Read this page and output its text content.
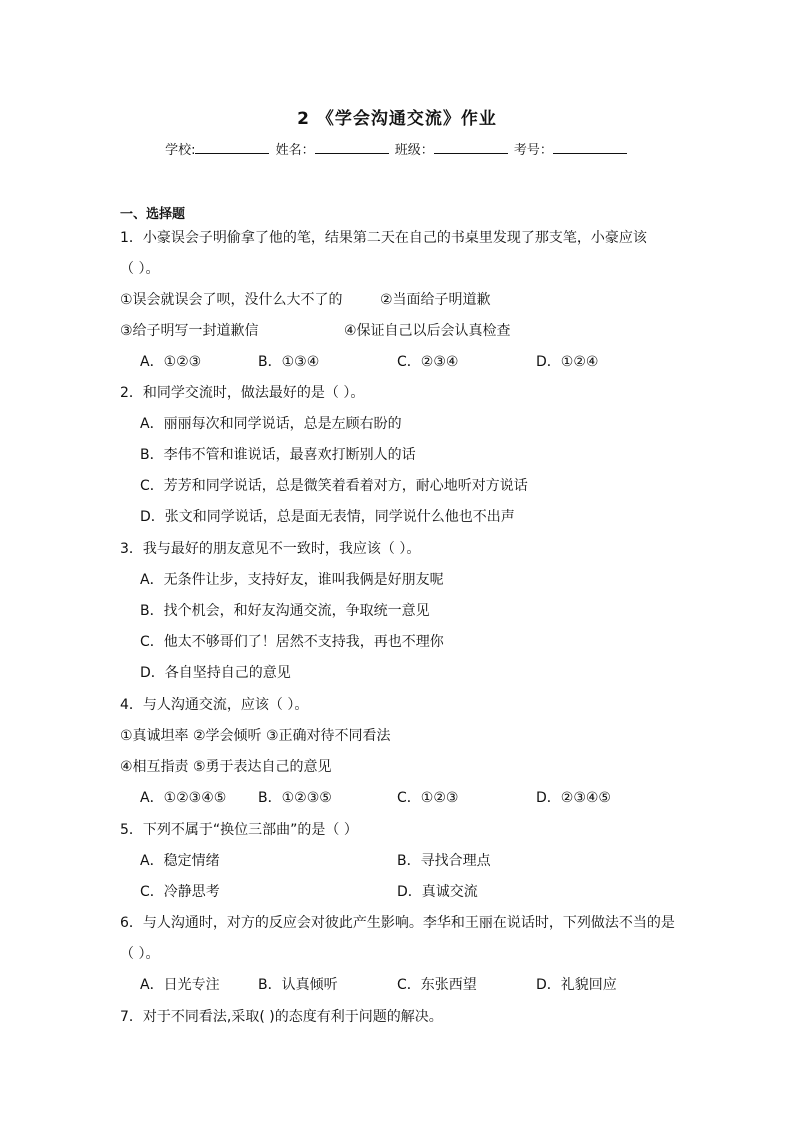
2 《学会沟通交流》作业
学校:	姓名：	班级：	考号：
一、选择题
1．小豪误会子明偷拿了他的笔，结果第二天在自己的书桌里发现了那支笔，小豪应该
（ ）。
①误会就误会了呗，没什么大不了的	②当面给子明道歉
③给子明写一封道歉信	④保证自己以后会认真检查
A．①②③	B．①③④	C．②③④	D．①②④
2．和同学交流时，做法最好的是（ ）。
A．丽丽每次和同学说话，总是左顾右盼的
B．李伟不管和谁说话，最喜欢打断别人的话
C．芳芳和同学说话，总是微笑着看着对方，耐心地听对方说话
D．张文和同学说话，总是面无表情，同学说什么他也不出声
3．我与最好的朋友意见不一致时，我应该（ ）。
A．无条件让步，支持好友，谁叫我俩是好朋友呢
B．找个机会，和好友沟通交流，争取统一意见
C．他太不够哥们了！居然不支持我，再也不理你
D．各自坚持自己的意见
4．与人沟通交流，应该（ ）。
①真诚坦率 ②学会倾听 ③正确对待不同看法
④相互指责 ⑤勇于表达自己的意见
A．①②③④⑤ B．①②③⑤	C．①②③	D．②③④⑤
5．下列不属于“换位三部曲”的是（ ）
A．稳定情绪	B．寻找合理点
C．冷静思考	D．真诚交流
6．与人沟通时，对方的反应会对彼此产生影响。李华和王丽在说话时，下列做法不当的是
（ ）。
A．日光专注	B．认真倾听	C．东张西望	D．礼貌回应
7．对于不同看法,采取( )的态度有利于问题的解决。
